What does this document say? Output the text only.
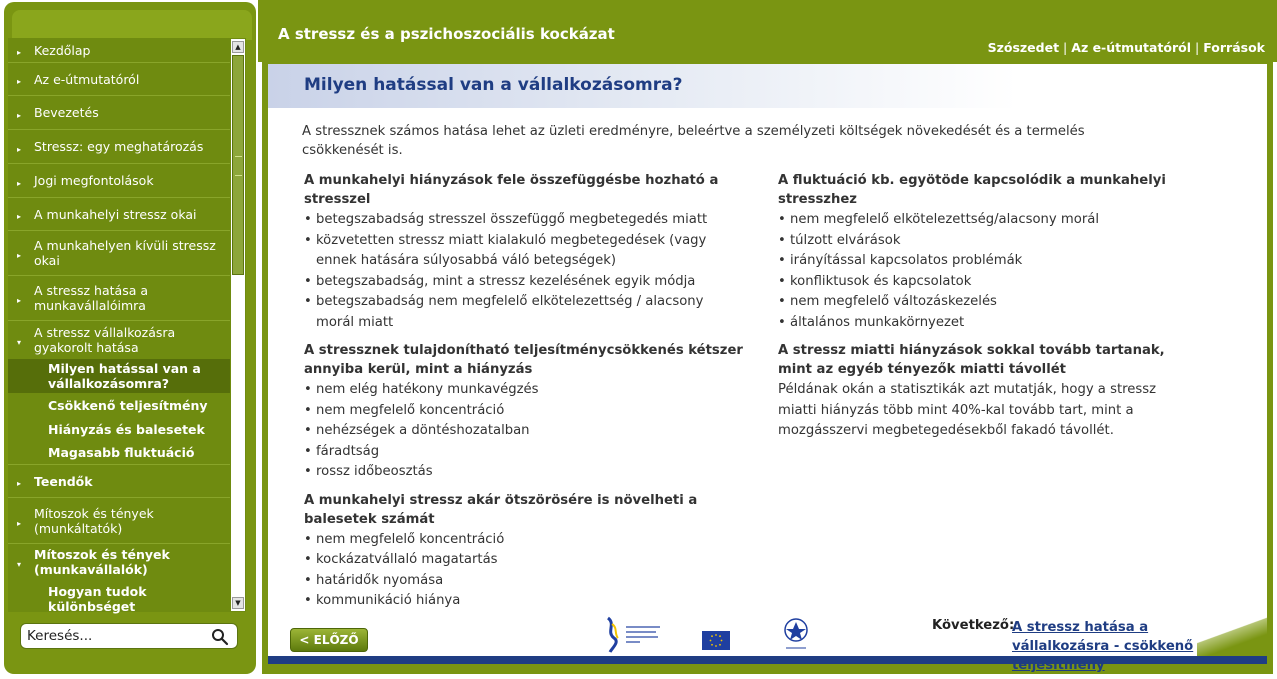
▸ Kezdőlap
▸ Az e-útmutatóról
▸ Bevezetés
▸ Stressz: egy meghatározás
▸ Jogi megfontolások
▸ A munkahelyi stressz okai
▸
A munkahelyen kívüli stressz okai
▸
A stressz hatása a munkavállalóimra
▾
A stressz vállalkozásra gyakorolt hatása
Milyen hatással van a vállalkozásomra?
Csökkenő teljesítmény
Hiányzás és balesetek
Magasabb fluktuáció
▸ Teendők
▸
Mítoszok és tények (munkáltatók)
▾
Mítoszok és tények (munkavállalók)
Hogyan tudok különbséget
▲
▼
Keresés...
A stressz és a pszichoszociális kockázat
Szószedet | Az e-útmutatóról | Források
Milyen hatással van a vállalkozásomra?
A stressznek számos hatása lehet az üzleti eredményre, beleértve a személyzeti költségek növekedését és a termelés csökkenését is.
A munkahelyi hiányzások fele összefüggésbe hozható a stresszel
• betegszabadság stresszel összefüggő megbetegedés miatt
• közvetetten stressz miatt kialakuló megbetegedések (vagy ennek hatására súlyosabbá váló betegségek)
• betegszabadság, mint a stressz kezelésének egyik módja
• betegszabadság nem megfelelő elkötelezettség / alacsony morál miatt
A stressznek tulajdonítható teljesítménycsökkenés kétszer annyiba kerül, mint a hiányzás
• nem elég hatékony munkavégzés
• nem megfelelő koncentráció
• nehézségek a döntéshozatalban
• fáradtság
• rossz időbeosztás
A munkahelyi stressz akár ötszörösére is növelheti a balesetek számát
• nem megfelelő koncentráció
• kockázatvállaló magatartás
• határidők nyomása
• kommunikáció hiánya
A fluktuáció kb. egyötöde kapcsolódik a munkahelyi stresszhez
• nem megfelelő elkötelezettség/alacsony morál
• túlzott elvárások
• irányítással kapcsolatos problémák
• konfliktusok és kapcsolatok
• nem megfelelő változáskezelés
• általános munkakörnyezet
A stressz miatti hiányzások sokkal tovább tartanak, mint az egyéb tényezők miatti távollét

Példának okán a statisztikák azt mutatják, hogy a stressz miatti hiányzás több mint 40%-kal tovább tart, mint a mozgásszervi megbetegedésekből fakadó távollét.

< ELŐZŐ
Következő:
A stressz hatása a vállalkozásra - csökkenő teljesítmény
